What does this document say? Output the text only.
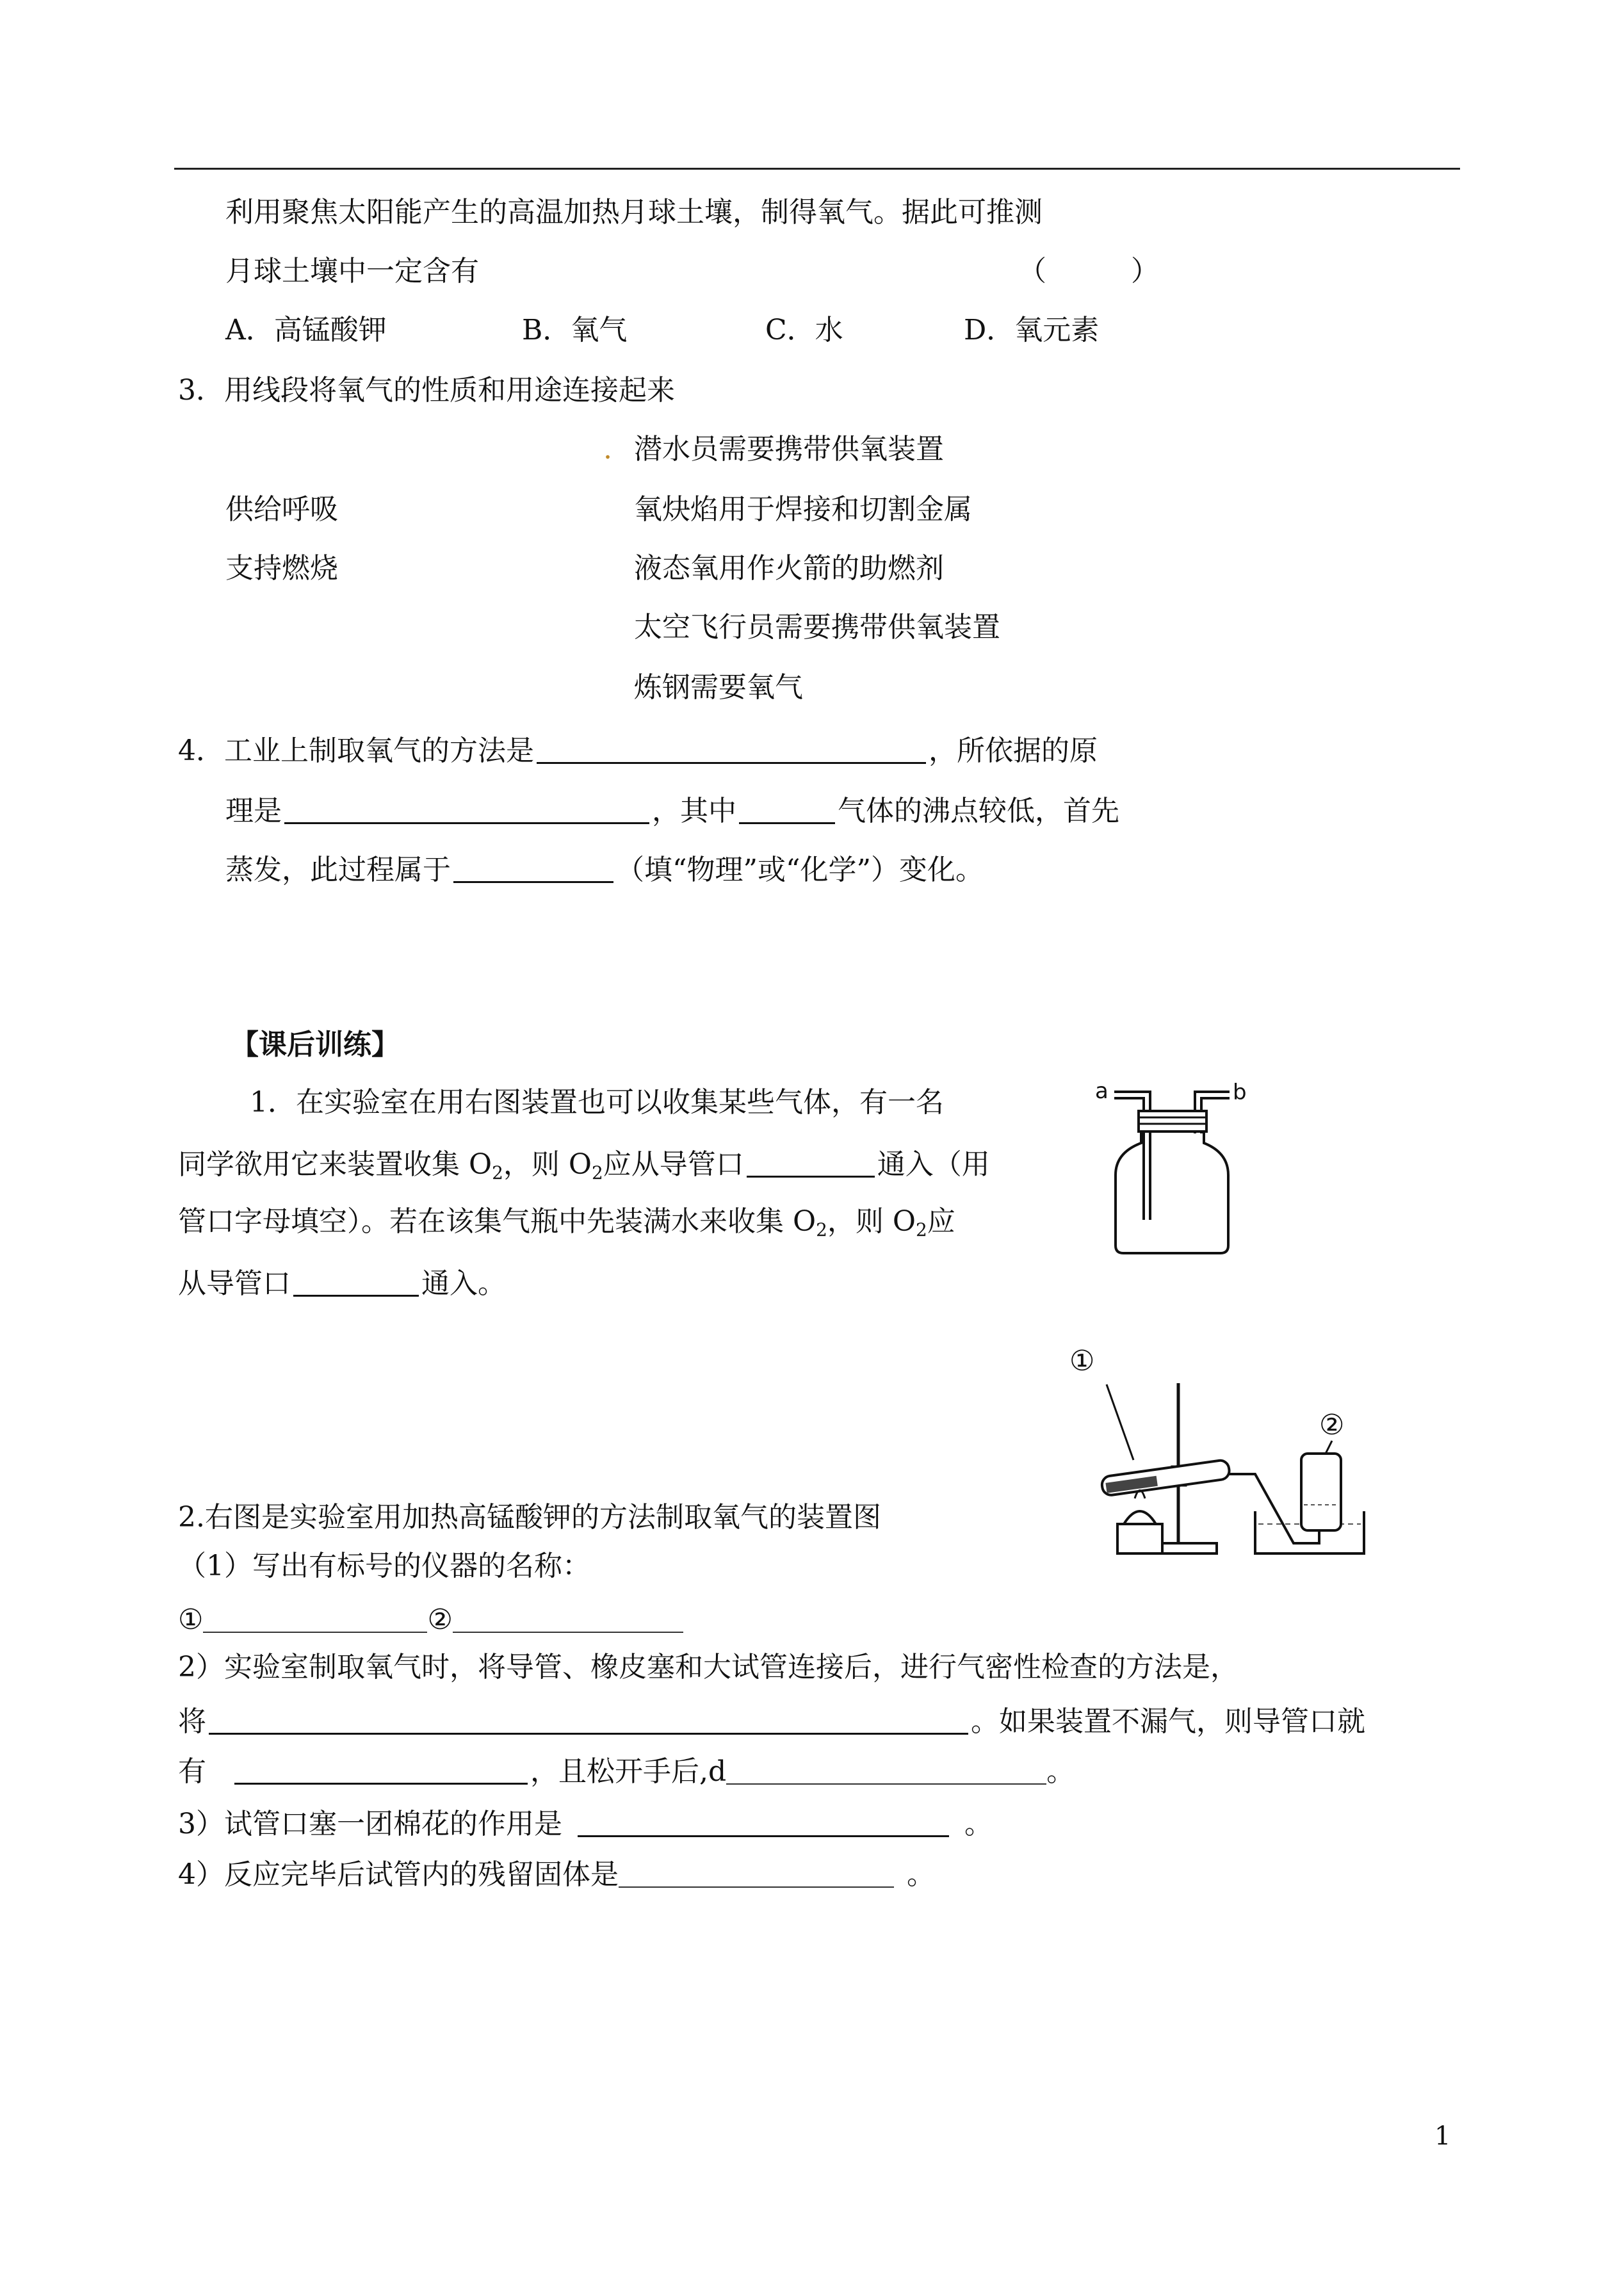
利用聚焦太阳能产生的高温加热月球土壤，制得氧气。据此可推测
月球土壤中一定含有	（　　　）
A．高锰酸钾	B．氧气	C．水	D．氧元素
3．用线段将氧气的性质和用途连接起来
. 潜水员需要携带供氧装置
供给呼吸	氧炔焰用于焊接和切割金属
支持燃烧	液态氧用作火箭的助燃剂
太空飞行员需要携带供氧装置
炼钢需要氧气
4．工业上制取氧气的方法是	，所依据的原
理是	，其中	气体的沸点较低，首先
蒸发，此过程属于	（填“物理”或“化学”）变化。
【课后训练】
1．在实验室在用右图装置也可以收集某些气体，有一名
同学欲用它来装置收集 $O_2$，则 $O_2$应从导管口	通入（用
管口字母填空）。若在该集气瓶中先装满水来收集 $O_2$，则 $O_2$应
从导管口	通入。
a	b
①
②
2.右图是实验室用加热高锰酸钾的方法制取氧气的装置图
（1）写出有标号的仪器的名称：
①	②
2）实验室制取氧气时，将导管、橡皮塞和大试管连接后，进行气密性检查的方法是，
将	。如果装置不漏气，则导管口就
有	，且松开手后,d	。
3）试管口塞一团棉花的作用是	。
4）反应完毕后试管内的残留固体是	。
1
